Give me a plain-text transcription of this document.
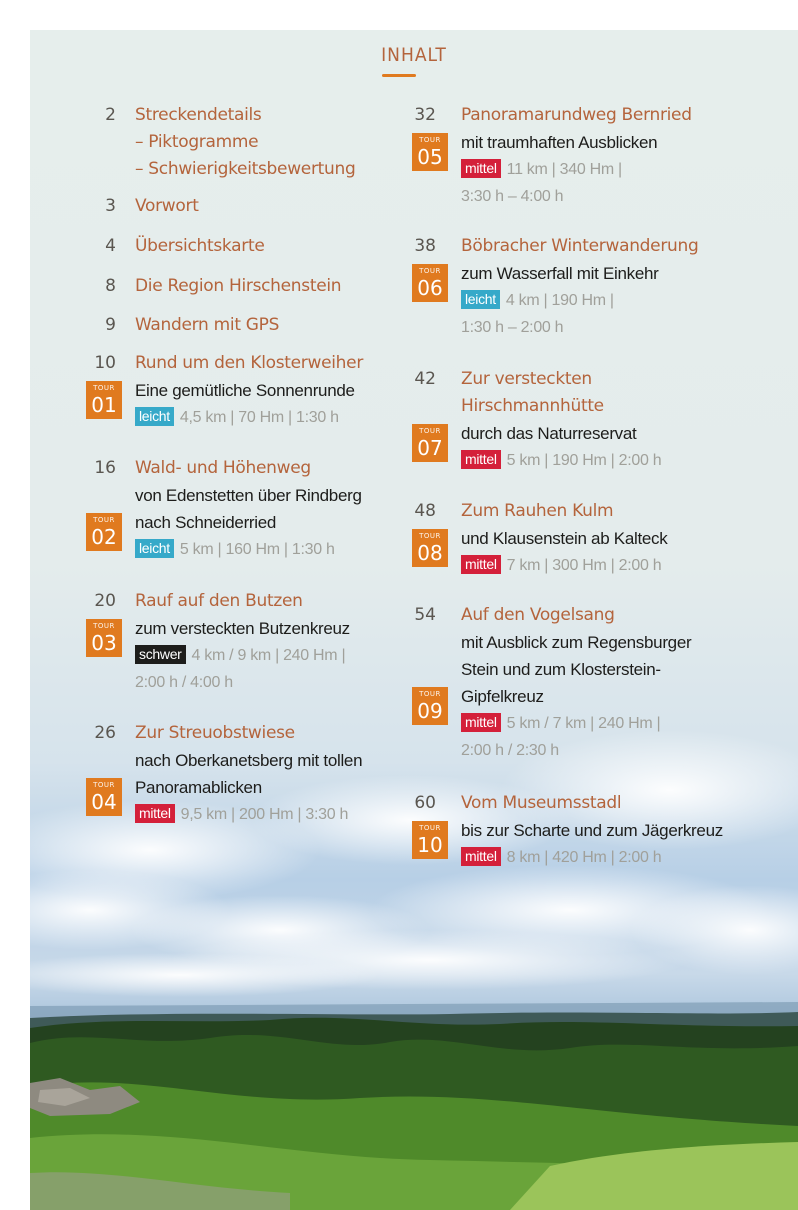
INHALT
2 Streckendetails
– Piktogramme
– Schwierigkeitsbewertung
3 Vorwort
4 Übersichtskarte
8 Die Region Hirschenstein
9 Wandern mit GPS
10 Rund um den Klosterweiher
Eine gemütliche Sonnenrunde
leicht 4,5 km | 70 Hm | 1:30 h
TOUR
01
16 Wald- und Höhenweg
von Edenstetten über Rindberg
nach Schneiderried
leicht 5 km | 160 Hm | 1:30 h
TOUR
02
20 Rauf auf den Butzen
zum versteckten Butzenkreuz
schwer 4 km / 9 km | 240 Hm |
2:00 h / 4:00 h
TOUR
03
26 Zur Streuobstwiese
nach Oberkanetsberg mit tollen
Panoramablicken
mittel 9,5 km | 200 Hm | 3:30 h
TOUR
04
32 Panoramarundweg Bernried
mit traumhaften Ausblicken
mittel 11 km | 340 Hm |
3:30 h – 4:00 h
TOUR
05
38 Böbracher Winterwanderung
zum Wasserfall mit Einkehr
leicht 4 km | 190 Hm |
1:30 h – 2:00 h
TOUR
06
42 Zur versteckten
Hirschmannhütte
durch das Naturreservat
mittel 5 km | 190 Hm | 2:00 h
TOUR
07
48 Zum Rauhen Kulm
und Klausenstein ab Kalteck
mittel 7 km | 300 Hm | 2:00 h
TOUR
08
54 Auf den Vogelsang
mit Ausblick zum Regensburger
Stein und zum Klosterstein-
Gipfelkreuz
mittel 5 km / 7 km | 240 Hm |
2:00 h / 2:30 h
TOUR
09
60 Vom Museumsstadl
bis zur Scharte und zum Jägerkreuz
mittel 8 km | 420 Hm | 2:00 h
TOUR
10
